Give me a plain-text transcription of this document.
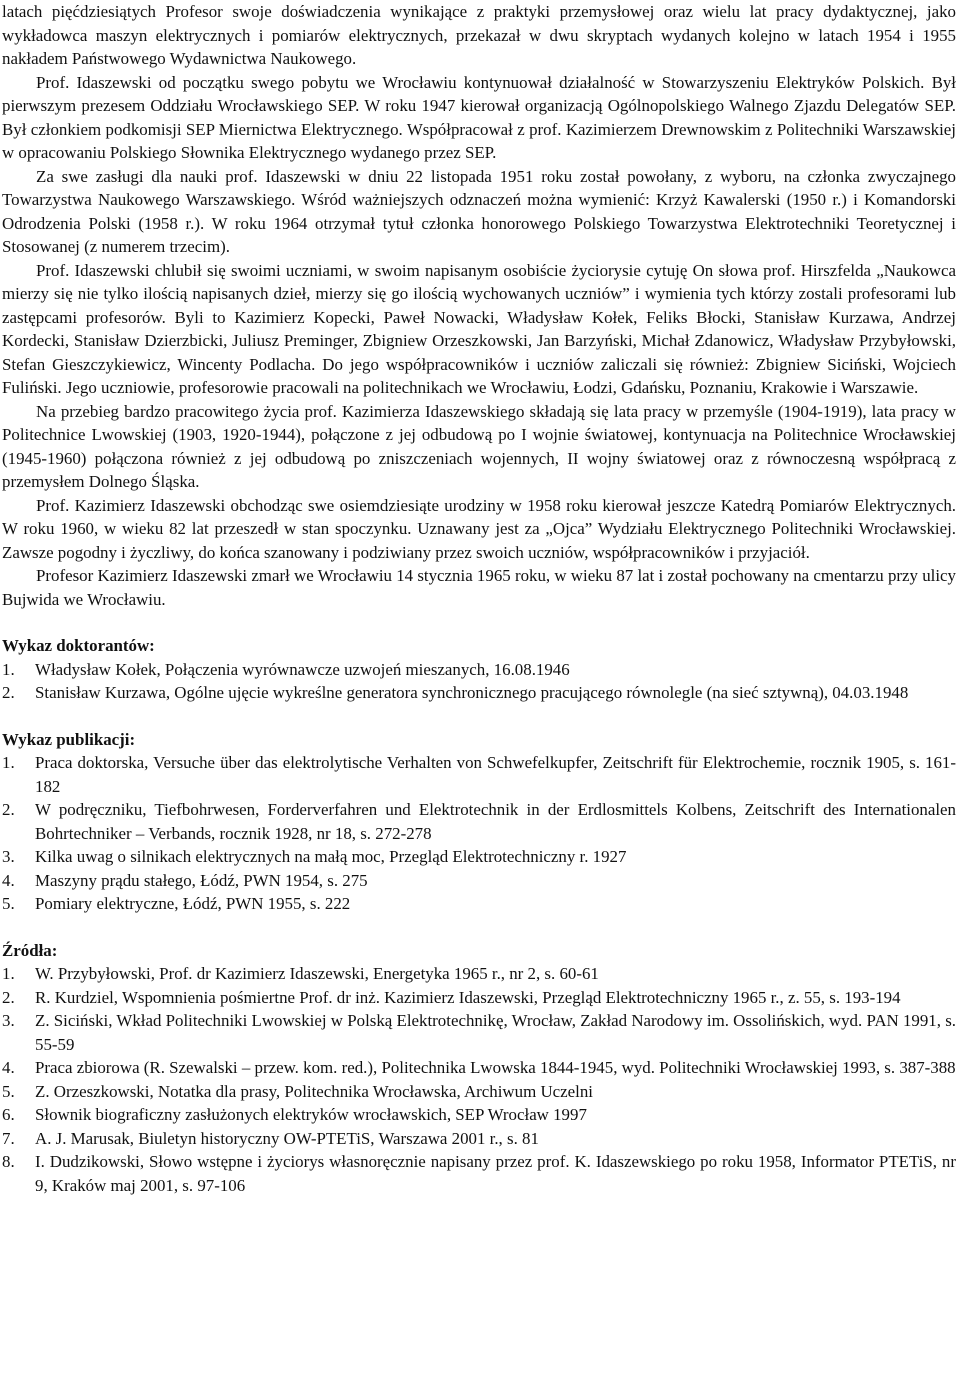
latach pięćdziesiątych Profesor swoje doświadczenia wynikające z praktyki przemysłowej oraz wielu lat pracy dydaktycznej, jako wykładowca maszyn elektrycznych i pomiarów elektrycznych, przekazał w dwu skryptach wydanych kolejno w latach 1954 i 1955 nakładem Państwowego Wydawnictwa Naukowego.

Prof. Idaszewski od początku swego pobytu we Wrocławiu kontynuował działalność w Stowarzyszeniu Elektryków Polskich. Był pierwszym prezesem Oddziału Wrocławskiego SEP. W roku 1947 kierował organizacją Ogólnopolskiego Walnego Zjazdu Delegatów SEP. Był członkiem podkomisji SEP Miernictwa Elektrycznego. Współpracował z prof. Kazimierzem Drewnowskim z Politechniki Warszawskiej w opracowaniu Polskiego Słownika Elektrycznego wydanego przez SEP.

Za swe zasługi dla nauki prof. Idaszewski w dniu 22 listopada 1951 roku został powołany, z wyboru, na członka zwyczajnego Towarzystwa Naukowego Warszawskiego. Wśród ważniejszych odznaczeń można wymienić: Krzyż Kawalerski (1950 r.) i Komandorski Odrodzenia Polski (1958 r.). W roku 1964 otrzymał tytuł członka honorowego Polskiego Towarzystwa Elektrotechniki Teoretycznej i Stosowanej (z numerem trzecim).

Prof. Idaszewski chlubił się swoimi uczniami, w swoim napisanym osobiście życiorysie cytuję On słowa prof. Hirszfelda „Naukowca mierzy się nie tylko ilością napisanych dzieł, mierzy się go ilością wychowanych uczniów” i wymienia tych którzy zostali profesorami lub zastępcami profesorów. Byli to Kazimierz Kopecki, Paweł Nowacki, Władysław Kołek, Feliks Błocki, Stanisław Kurzawa, Andrzej Kordecki, Stanisław Dzierzbicki, Juliusz Preminger, Zbigniew Orzeszkowski, Jan Barzyński, Michał Zdanowicz, Władysław Przybyłowski, Stefan Gieszczykiewicz, Wincenty Podlacha. Do jego współpracowników i uczniów zaliczali się również: Zbigniew Siciński, Wojciech Fuliński. Jego uczniowie, profesorowie pracowali na politechnikach we Wrocławiu, Łodzi, Gdańsku, Poznaniu, Krakowie i Warszawie.

Na przebieg bardzo pracowitego życia prof. Kazimierza Idaszewskiego składają się lata pracy w przemyśle (1904-1919), lata pracy w Politechnice Lwowskiej (1903, 1920-1944), połączone z jej odbudową po I wojnie światowej, kontynuacja na Politechnice Wrocławskiej (1945-1960) połączona również z jej odbudową po zniszczeniach wojennych, II wojny światowej oraz z równoczesną współpracą z przemysłem Dolnego Śląska.

Prof. Kazimierz Idaszewski obchodząc swe osiemdziesiąte urodziny w 1958 roku kierował jeszcze Katedrą Pomiarów Elektrycznych. W roku 1960, w wieku 82 lat przeszedł w stan spoczynku. Uznawany jest za „Ojca” Wydziału Elektrycznego Politechniki Wrocławskiej. Zawsze pogodny i życzliwy, do końca szanowany i podziwiany przez swoich uczniów, współpracowników i przyjaciół.

Profesor Kazimierz Idaszewski zmarł we Wrocławiu 14 stycznia 1965 roku, w wieku 87 lat i został pochowany na cmentarzu przy ulicy Bujwida we Wrocławiu.

Wykaz doktorantów:
1. Władysław Kołek, Połączenia wyrównawcze uzwojeń mieszanych, 16.08.1946
2. Stanisław Kurzawa, Ogólne ujęcie wykreślne generatora synchronicznego pracującego równolegle (na sieć sztywną), 04.03.1948
Wykaz publikacji:
1. Praca doktorska, Versuche über das elektrolytische Verhalten von Schwefelkupfer, Zeitschrift für Elektrochemie, rocznik 1905, s. 161-182
2. W podręczniku, Tiefbohrwesen, Forderverfahren und Elektrotechnik in der Erdlosmittels Kolbens, Zeitschrift des Internationalen Bohrtechniker – Verbands, rocznik 1928, nr 18, s. 272-278
3. Kilka uwag o silnikach elektrycznych na małą moc, Przegląd Elektrotechniczny r. 1927
4. Maszyny prądu stałego, Łódź, PWN 1954, s. 275
5. Pomiary elektryczne, Łódź, PWN 1955, s. 222
Źródła:
1. W. Przybyłowski, Prof. dr Kazimierz Idaszewski, Energetyka 1965 r., nr 2, s. 60-61
2. R. Kurdziel, Wspomnienia pośmiertne Prof. dr inż. Kazimierz Idaszewski, Przegląd Elektrotechniczny 1965 r., z. 55, s. 193-194
3. Z. Siciński, Wkład Politechniki Lwowskiej w Polską Elektrotechnikę, Wrocław, Zakład Narodowy im. Ossolińskich, wyd. PAN 1991, s. 55-59
4. Praca zbiorowa (R. Szewalski – przew. kom. red.), Politechnika Lwowska 1844-1945, wyd. Politechniki Wrocławskiej 1993, s. 387-388
5. Z. Orzeszkowski, Notatka dla prasy, Politechnika Wrocławska, Archiwum Uczelni
6. Słownik biograficzny zasłużonych elektryków wrocławskich, SEP Wrocław 1997
7. A. J. Marusak, Biuletyn historyczny OW-PTETiS, Warszawa 2001 r., s. 81
8. I. Dudzikowski, Słowo wstępne i życiorys własnoręcznie napisany przez prof. K. Idaszewskiego po roku 1958, Informator PTETiS, nr 9, Kraków maj 2001, s. 97-106
